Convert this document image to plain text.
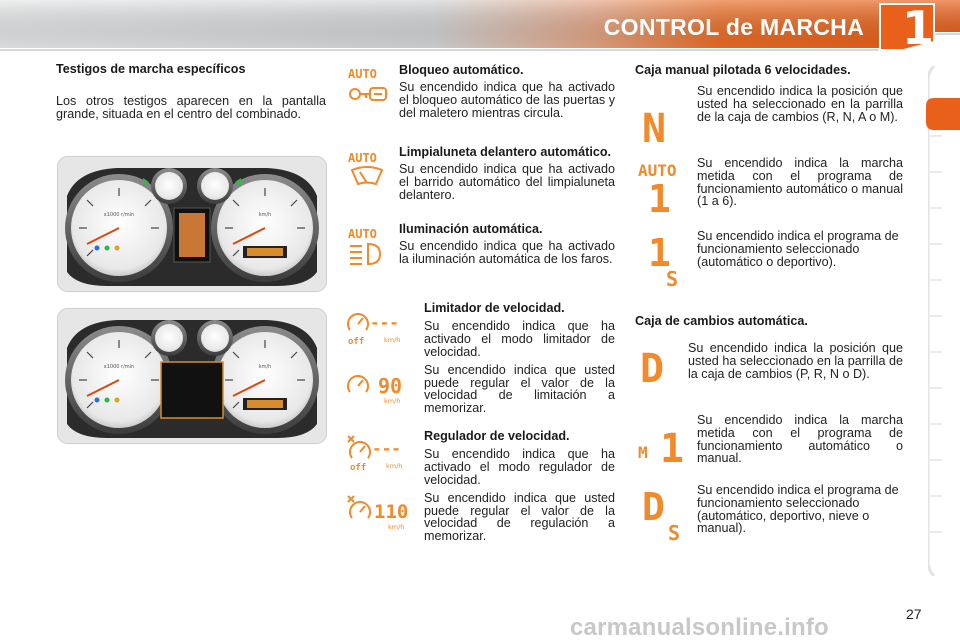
CONTROL de MARCHA 1
Testigos de marcha específicos
Los otros testigos aparecen en la pantalla grande, situada en el centro del combinado.
x1000 r/min	km/h
x1000 r/min	km/h
AUTO Bloqueo automático.
Su encendido indica que ha activado el bloqueo automático de las puertas y del maletero mientras circula.
AUTO Limpialuneta delantero automático.
Su encendido indica que ha activado el barrido automático del limpialuneta delantero.
AUTO Iluminación automática.
Su encendido indica que ha activado la iluminación automática de los faros.
off
---
km/h
90
km/h
Limitador de velocidad.
Su encendido indica que ha activado el modo limitador de velocidad.
Su encendido indica que usted puede regular el valor de la velocidad de limitación a memorizar.
off
---
km/h
110
km/h
Regulador de velocidad.
Su encendido indica que ha activado el modo regulador de velocidad.
Su encendido indica que usted puede regular el valor de la velocidad de regulación a memorizar.
Caja manual pilotada 6 velocidades.
N
Su encendido indica la posición que usted ha seleccionado en la parrilla de la caja de cambios (R, N, A o M).
AUTO
1
Su encendido indica la marcha metida con el programa de funcionamiento automático o manual (1 a 6).
1
S
Su encendido indica el programa de funcionamiento seleccionado (automático o deportivo).
Caja de cambios automática.
D Su encendido indica la posición que usted ha seleccionado en la parrilla de la caja de cambios (P, R, N o D).
M 1
Su encendido indica la marcha metida con el programa de funcionamiento automático o manual.
D
S
Su encendido indica el programa de funcionamiento seleccionado (automático, deportivo, nieve o manual).
carmanualsonline.info	27
